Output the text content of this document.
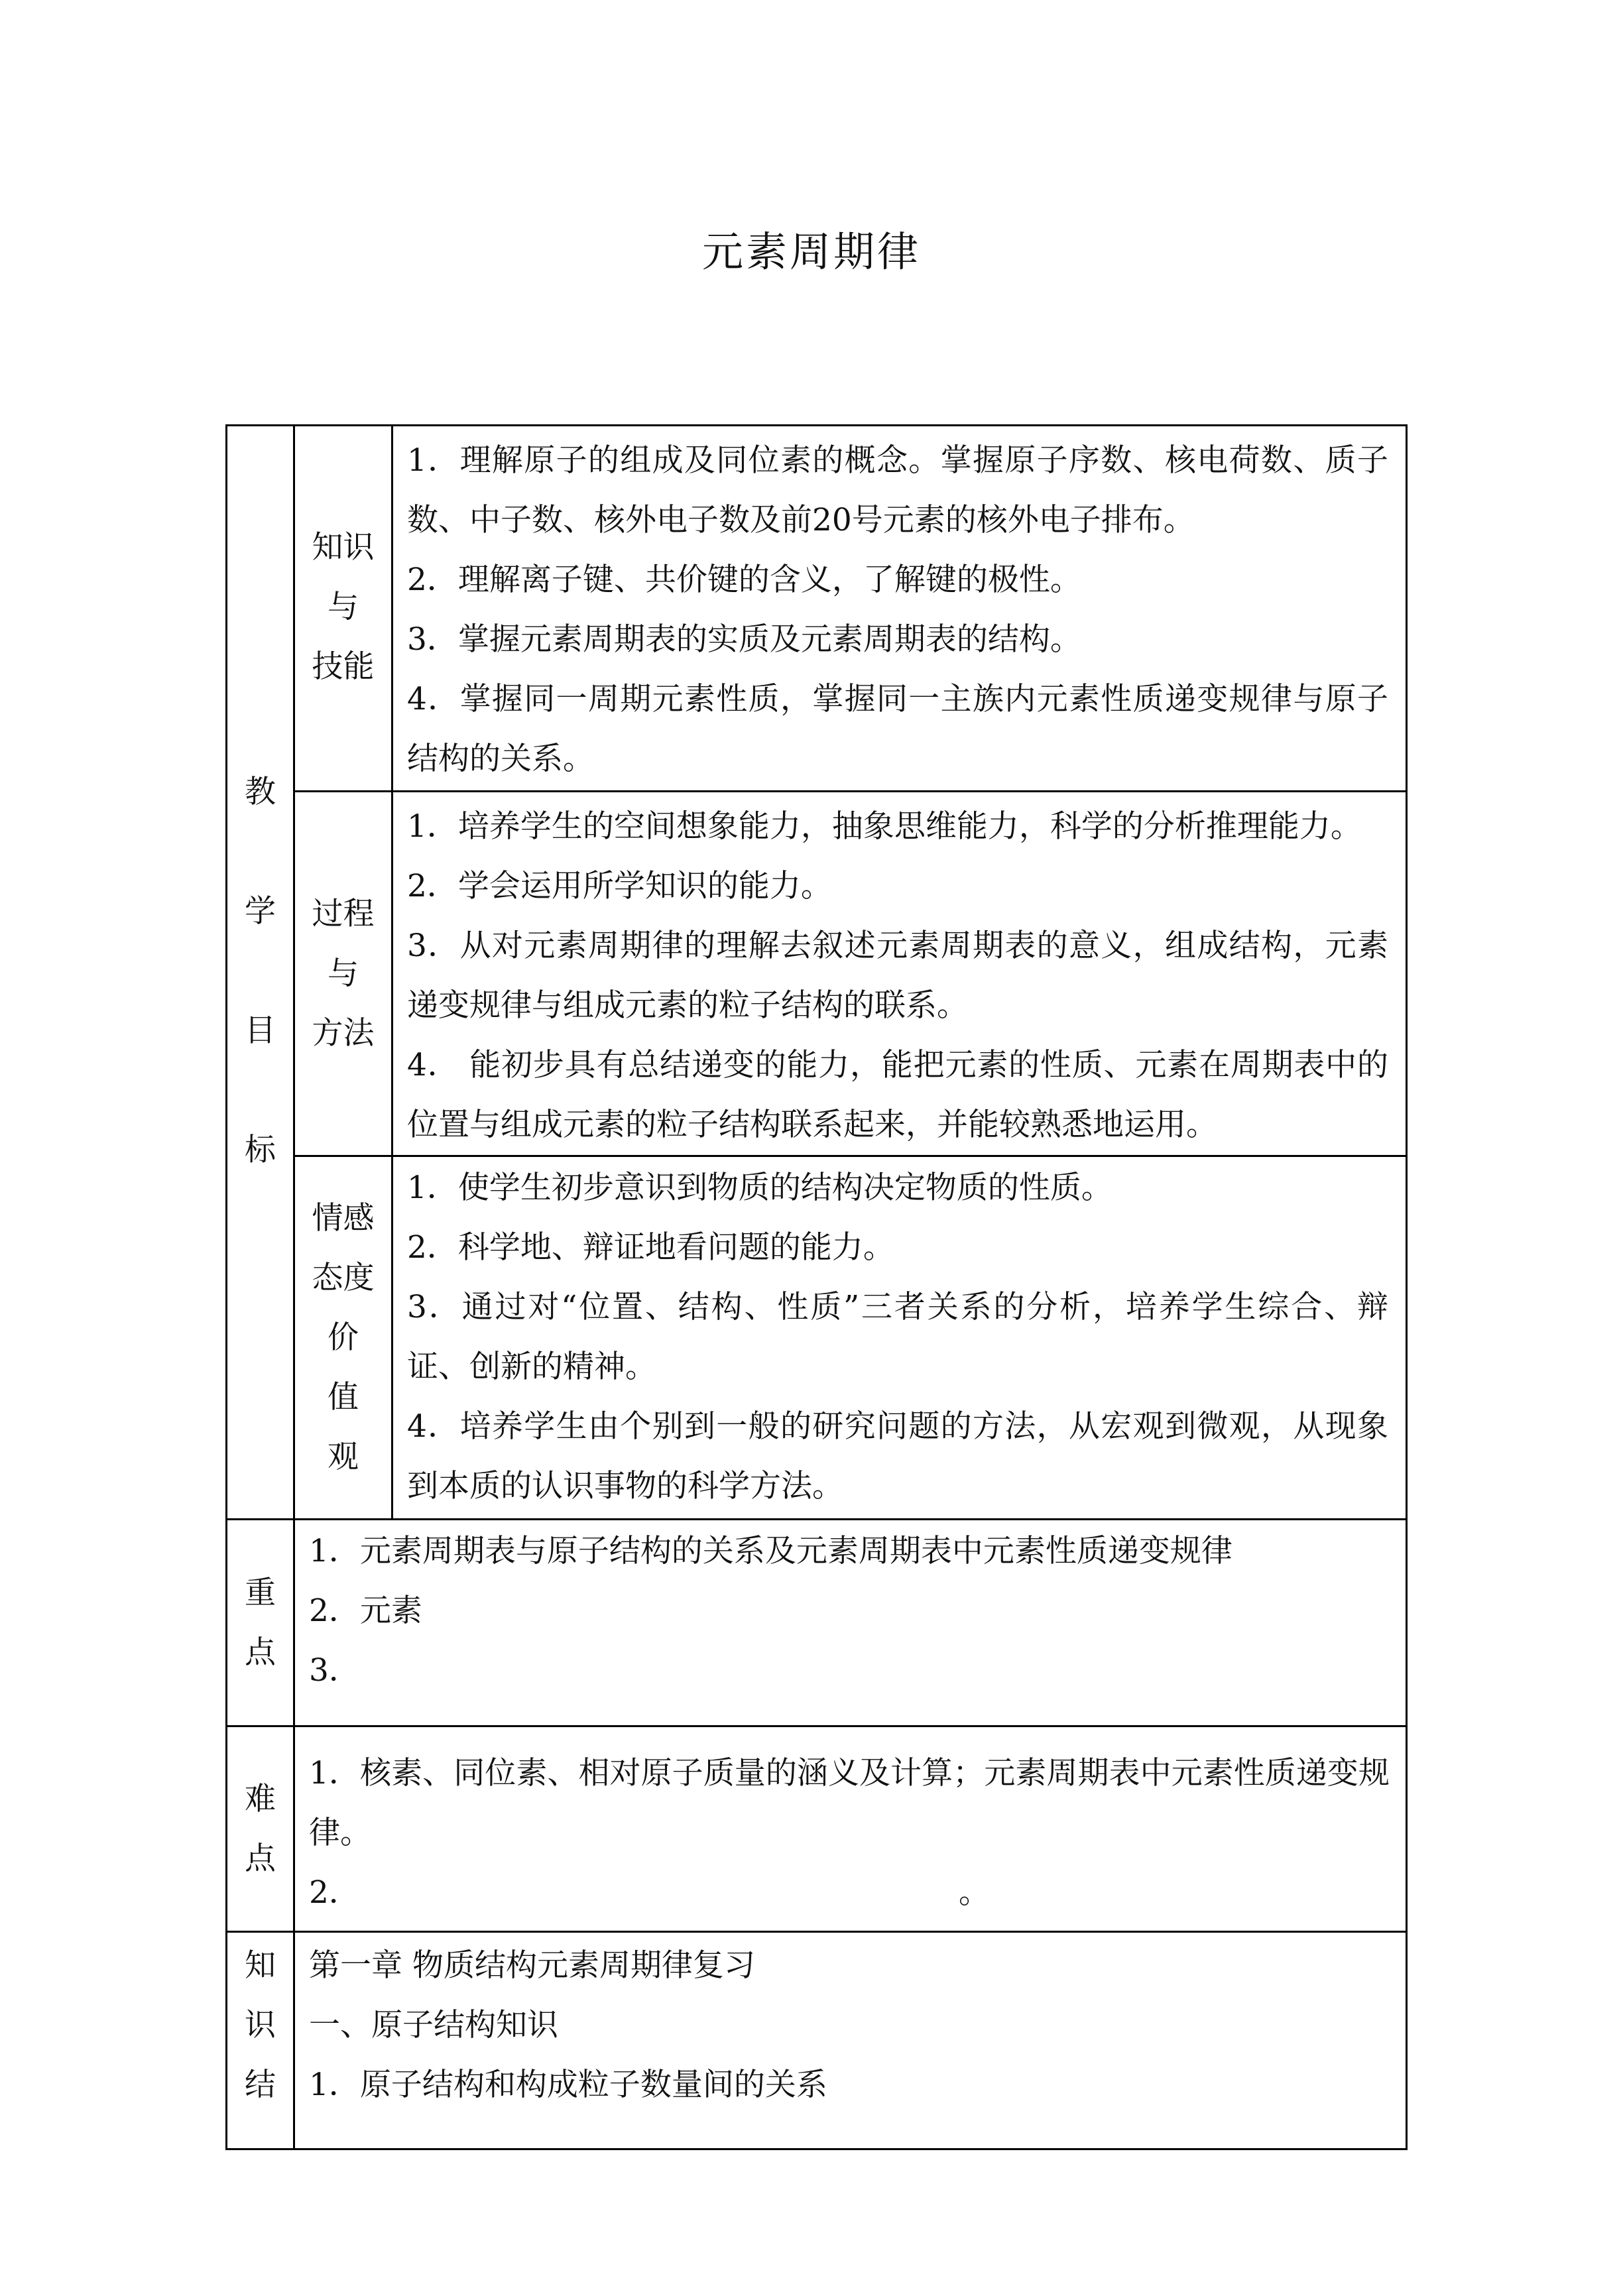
元素周期律
教
学
目
标
知识
与
技能
1．理解原子的组成及同位素的概念。掌握原子序数、核电荷数、质子数、中子数、核外电子数及前20号元素的核外电子排布。
2．理解离子键、共价键的含义，了解键的极性。
3．掌握元素周期表的实质及元素周期表的结构。
4．掌握同一周期元素性质，掌握同一主族内元素性质递变规律与原子结构的关系。
过程
与
方法
1．培养学生的空间想象能力，抽象思维能力，科学的分析推理能力。
2．学会运用所学知识的能力。
3．从对元素周期律的理解去叙述元素周期表的意义，组成结构，元素递变规律与组成元素的粒子结构的联系。
4． 能初步具有总结递变的能力，能把元素的性质、元素在周期表中的位置与组成元素的粒子结构联系起来，并能较熟悉地运用。
情感
态度
价
值
观
1．使学生初步意识到物质的结构决定物质的性质。
2．科学地、辩证地看问题的能力。
3．通过对“位置、结构、性质”三者关系的分析，培养学生综合、辩证、创新的精神。
4．培养学生由个别到一般的研究问题的方法，从宏观到微观，从现象到本质的认识事物的科学方法。
重
点
1．元素周期表与原子结构的关系及元素周期表中元素性质递变规律
2．元素
3．
难
点
1．核素、同位素、相对原子质量的涵义及计算；元素周期表中元素性质递变规律。
2．	。
知
识
结
第一章 物质结构元素周期律复习
一、原子结构知识
1．原子结构和构成粒子数量间的关系
